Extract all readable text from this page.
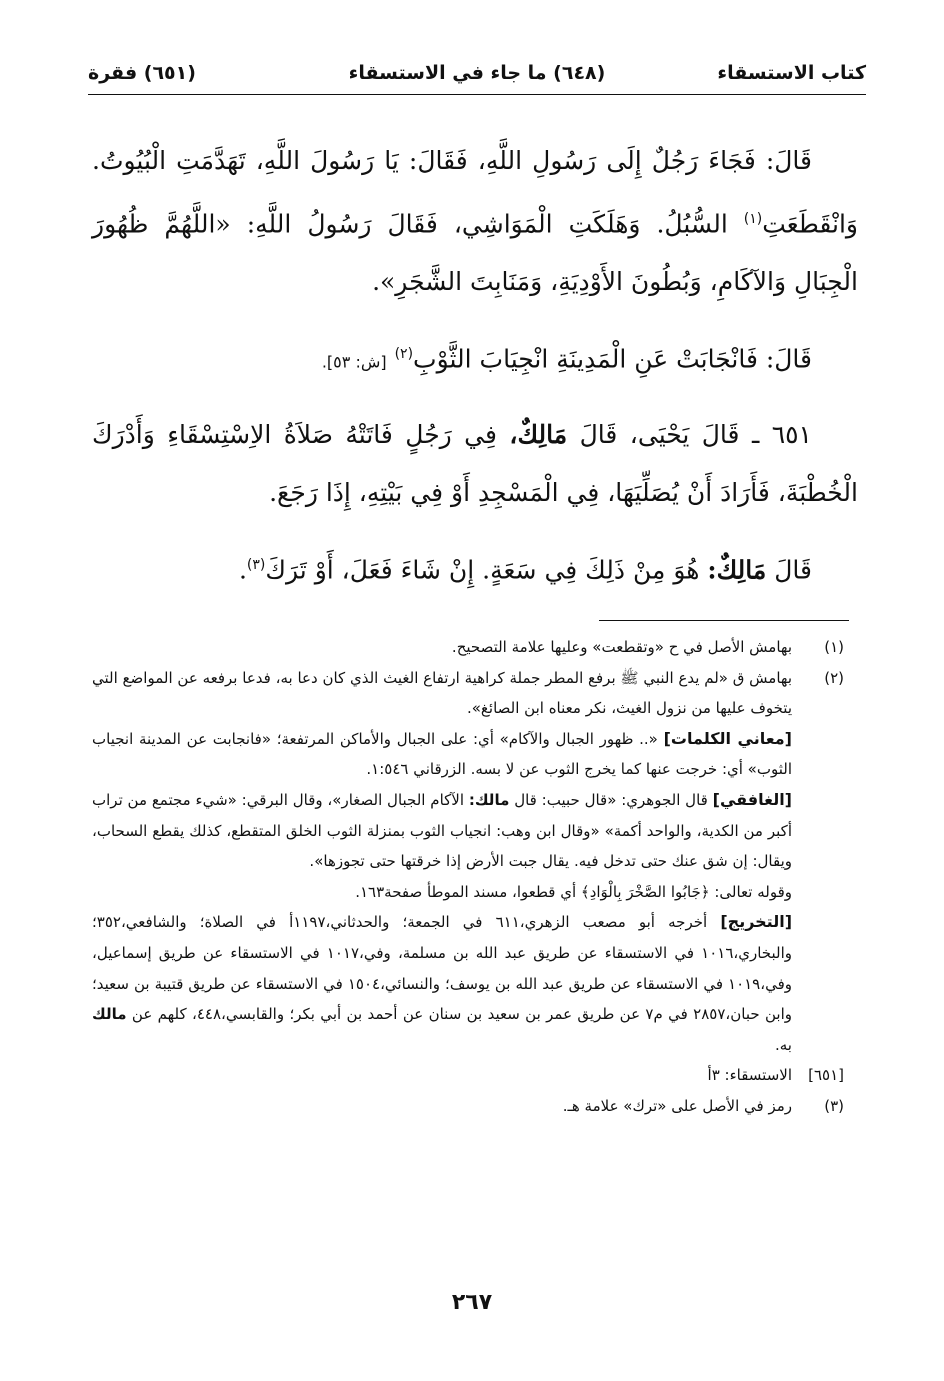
كتاب الاستسقاء
(٦٤٨) ما جاء في الاستسقاء
(٦٥١) فقرة

قَالَ: فَجَاءَ رَجُلٌ إِلَى رَسُولِ اللَّهِ، فَقَالَ: يَا رَسُولَ اللَّهِ، تَهَدَّمَتِ الْبُيُوتُ. وَانْقَطَعَتِ$^{(١)}$ السُّبُلُ. وَهَلَكَتِ الْمَوَاشِي، فَقَالَ رَسُولُ اللَّهِ: «اللَّهُمَّ ظُهُورَ الْجِبَالِ وَالآكَامِ، وَبُطُونَ الأَوْدِيَةِ، وَمَنَابِتَ الشَّجَرِ».

قَالَ: فَانْجَابَتْ عَنِ الْمَدِينَةِ انْجِيَابَ الثَّوْبِ$^{(٢)}$ [ش: ٥٣].

٦٥١ ـ قَالَ يَحْيَى، قَالَ مَالِكٌ، فِي رَجُلٍ فَاتَتْهُ صَلاَةُ الاِسْتِسْقَاءِ وَأَدْرَكَ الْخُطْبَةَ، فَأَرَادَ أَنْ يُصَلِّيَهَا، فِي الْمَسْجِدِ أَوْ فِي بَيْتِهِ، إِذَا رَجَعَ.

قَالَ مَالِكٌ: هُوَ مِنْ ذَلِكَ فِي سَعَةٍ. إِنْ شَاءَ فَعَلَ، أَوْ تَرَكَ$^{(٣)}$.

(١)

بهامش الأصل في ح «وتقطعت» وعليها علامة التصحيح.

(٢)

بهامش ق «لم يدع النبي ﷺ برفع المطر جملة كراهية ارتفاع الغيث الذي كان دعا به، فدعا برفعه عن المواضع التي يتخوف عليها من نزول الغيث، نكر معناه ابن الصائغ».

[معاني الكلمات] «.. ظهور الجبال والآكام» أي: على الجبال والأماكن المرتفعة؛ «فانجابت عن المدينة انجياب الثوب» أي: خرجت عنها كما يخرج الثوب عن لا بسه. الزرقاني ١:٥٤٦.

[الغافقي] قال الجوهري: «قال حبيب: قال مالك: الآكام الجبال الصغار»، وقال البرقي: «شيء مجتمع من تراب أكبر من الكدية، والواحد أكمة» «وقال ابن وهب: انجياب الثوب بمنزلة الثوب الخلق المتقطع، كذلك يقطع السحاب، ويقال: إن شق عنك حتى تدخل فيه. يقال جبت الأرض إذا خرقتها حتى تجوزها».

وقوله تعالى: ﴿جَابُوا الصَّخْرَ بِالْوَادِ﴾ أي قطعوا، مسند الموطأ صفحة١٦٣.

[التخريج] أخرجه أبو مصعب الزهري،٦١١ في الجمعة؛ والحدثاني،١١٩٧أ في الصلاة؛ والشافعي،٣٥٢؛ والبخاري،١٠١٦ في الاستسقاء عن طريق عبد الله بن مسلمة، وفي،١٠١٧ في الاستسقاء عن طريق إسماعيل، وفي،١٠١٩ في الاستسقاء عن طريق عبد الله بن يوسف؛ والنسائي،١٥٠٤ في الاستسقاء عن طريق قتيبة بن سعيد؛ وابن حبان،٢٨٥٧ في م٧ عن طريق عمر بن سعيد بن سنان عن أحمد بن أبي بكر؛ والقابسي،٤٤٨، كلهم عن مالك به.

[٦٥١]

الاستسقاء: ٣أ

(٣)

رمز في الأصل على «ترك» علامة هـ.

٢٦٧
